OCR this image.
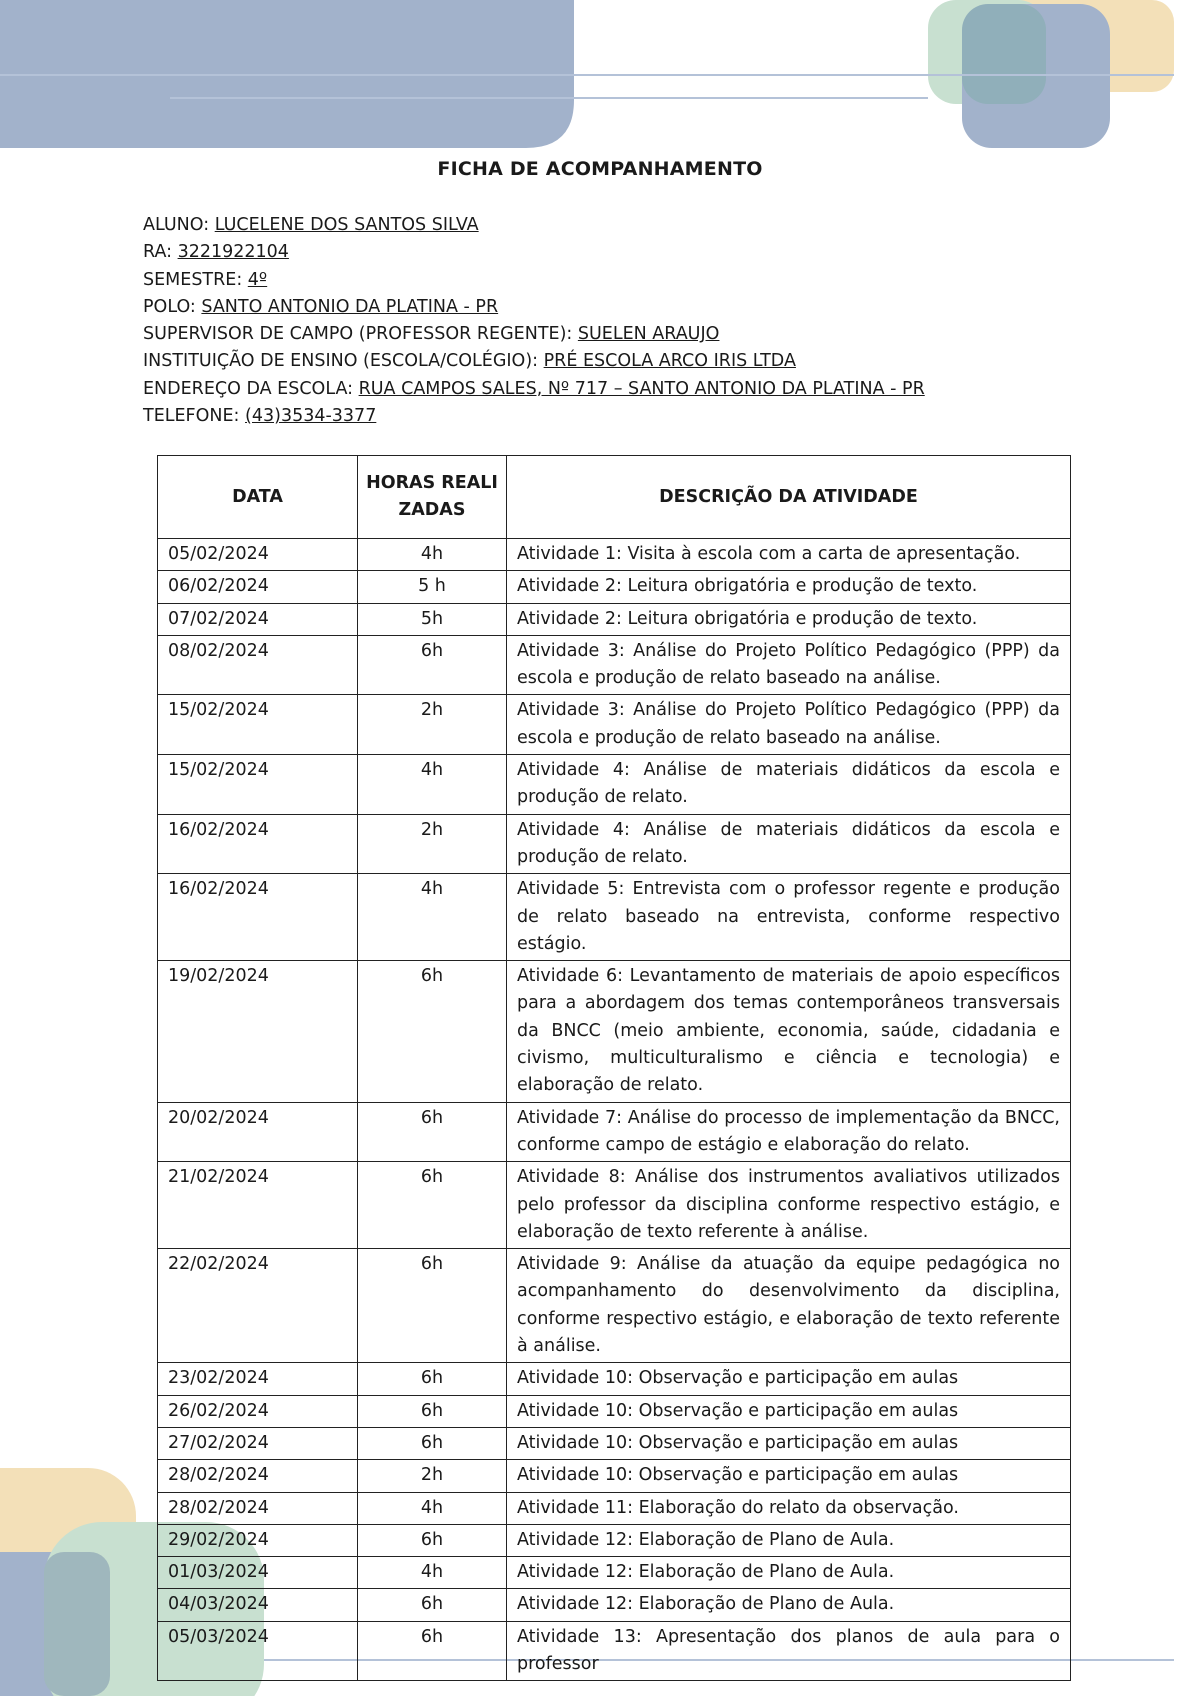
FICHA DE ACOMPANHAMENTO
ALUNO: LUCELENE DOS SANTOS SILVA
RA: 3221922104
SEMESTRE: 4º
POLO: SANTO ANTONIO DA PLATINA - PR
SUPERVISOR DE CAMPO (PROFESSOR REGENTE): SUELEN ARAUJO
INSTITUIÇÃO DE ENSINO (ESCOLA/COLÉGIO): PRÉ ESCOLA ARCO IRIS LTDA
ENDEREÇO DA ESCOLA: RUA CAMPOS SALES, Nº 717 – SANTO ANTONIO DA PLATINA - PR
TELEFONE: (43)3534-3377
DATA	HORAS REALIZADAS	DESCRIÇÃO DA ATIVIDADE
05/02/2024	4h	Atividade 1: Visita à escola com a carta de apresentação.
06/02/2024	5 h	Atividade 2: Leitura obrigatória e produção de texto.
07/02/2024	5h	Atividade 2: Leitura obrigatória e produção de texto.
08/02/2024	6h	Atividade 3: Análise do Projeto Político Pedagógico (PPP) da escola e produção de relato baseado na análise.
15/02/2024	2h	Atividade 3: Análise do Projeto Político Pedagógico (PPP) da escola e produção de relato baseado na análise.
15/02/2024	4h	Atividade 4: Análise de materiais didáticos da escola e produção de relato.
16/02/2024	2h	Atividade 4: Análise de materiais didáticos da escola e produção de relato.
16/02/2024	4h	Atividade 5: Entrevista com o professor regente e produção de relato baseado na entrevista, conforme respectivo estágio.
19/02/2024	6h	Atividade 6: Levantamento de materiais de apoio específicos para a abordagem dos temas contemporâneos transversais da BNCC (meio ambiente, economia, saúde, cidadania e civismo, multiculturalismo e ciência e tecnologia) e elaboração de relato.
20/02/2024	6h	Atividade 7: Análise do processo de implementação da BNCC, conforme campo de estágio e elaboração do relato.
21/02/2024	6h	Atividade 8: Análise dos instrumentos avaliativos utilizados pelo professor da disciplina conforme respectivo estágio, e elaboração de texto referente à análise.
22/02/2024	6h	Atividade 9: Análise da atuação da equipe pedagógica no acompanhamento do desenvolvimento da disciplina, conforme respectivo estágio, e elaboração de texto referente à análise.
23/02/2024	6h	Atividade 10: Observação e participação em aulas
26/02/2024	6h	Atividade 10: Observação e participação em aulas
27/02/2024	6h	Atividade 10: Observação e participação em aulas
28/02/2024	2h	Atividade 10: Observação e participação em aulas
28/02/2024	4h	Atividade 11: Elaboração do relato da observação.
29/02/2024	6h	Atividade 12: Elaboração de Plano de Aula.
01/03/2024	4h	Atividade 12: Elaboração de Plano de Aula.
04/03/2024	6h	Atividade 12: Elaboração de Plano de Aula.
05/03/2024	6h	Atividade 13: Apresentação dos planos de aula para o professor
